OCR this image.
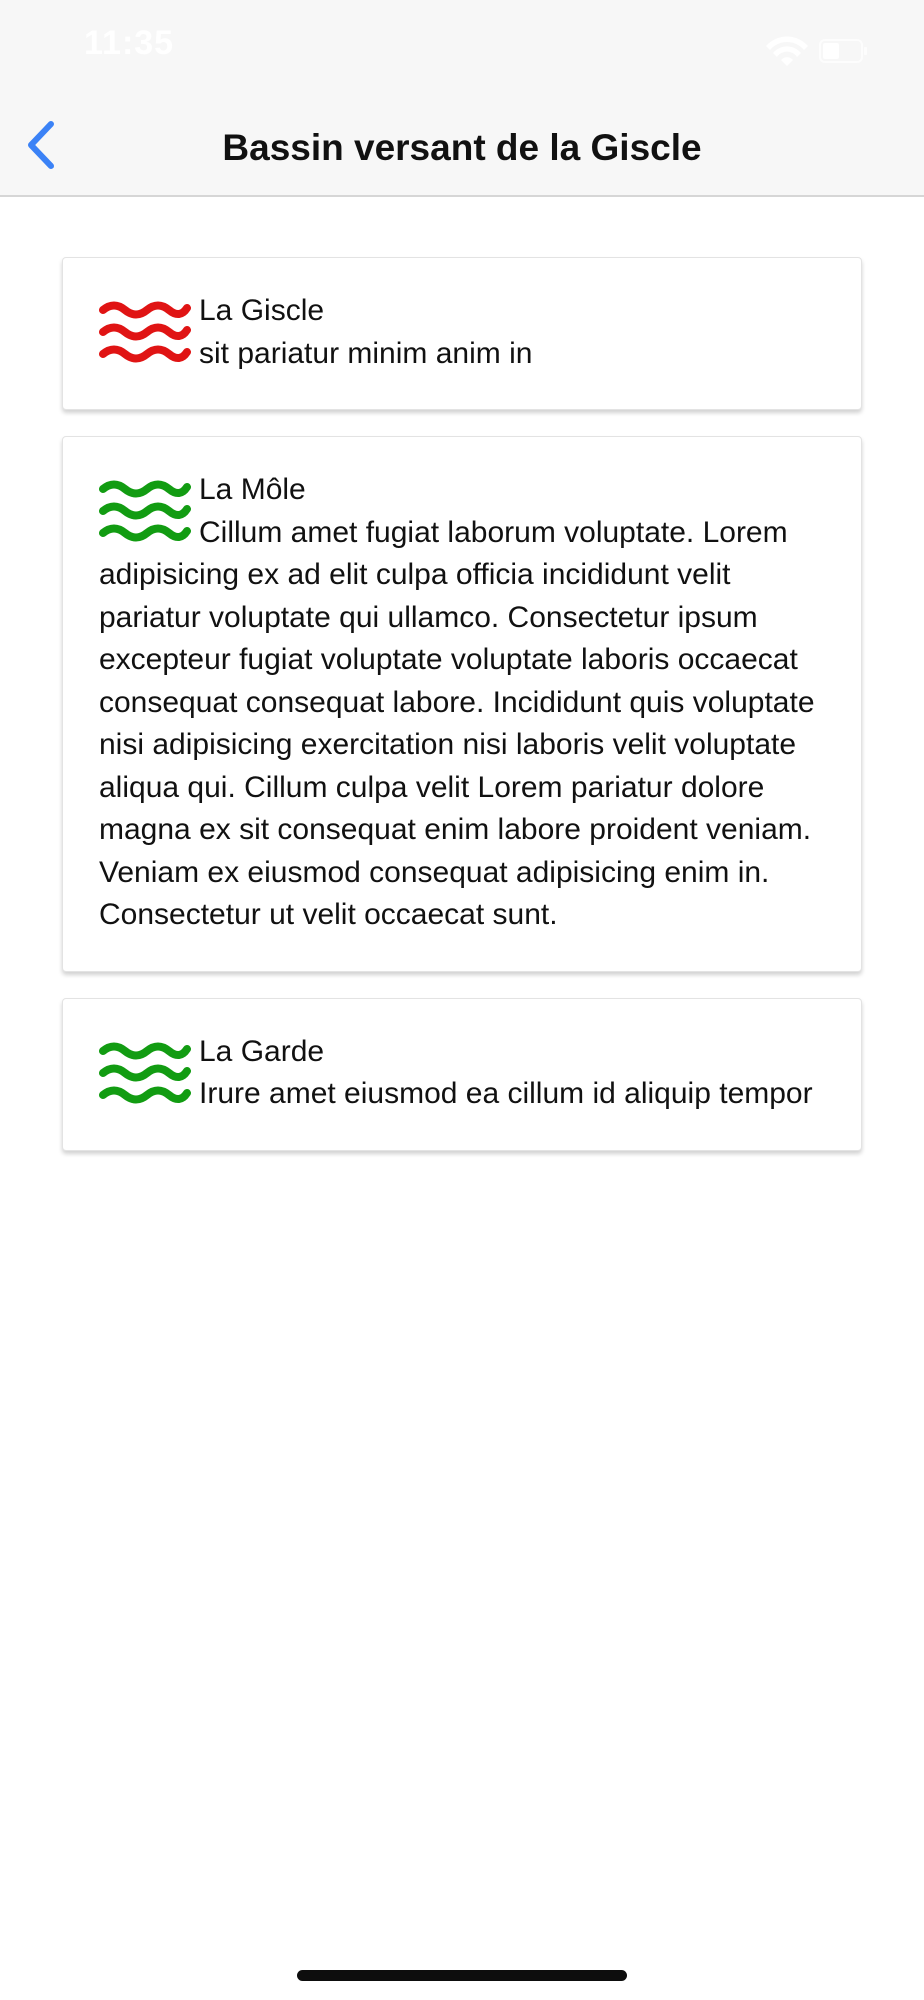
11:35
Bassin versant de la Giscle
La Giscle
sit pariatur minim anim in
La Môle
Cillum amet fugiat laborum voluptate. Lorem adipisicing ex ad elit culpa officia incididunt velit pariatur voluptate qui ullamco. Consectetur ipsum excepteur fugiat voluptate voluptate laboris occaecat consequat consequat labore. Incididunt quis voluptate nisi adipisicing exercitation nisi laboris velit voluptate aliqua qui. Cillum culpa velit Lorem pariatur dolore magna ex sit consequat enim labore proident veniam. Veniam ex eiusmod consequat adipisicing enim in. Consectetur ut velit occaecat sunt.
La Garde
Irure amet eiusmod ea cillum id aliquip tempor
